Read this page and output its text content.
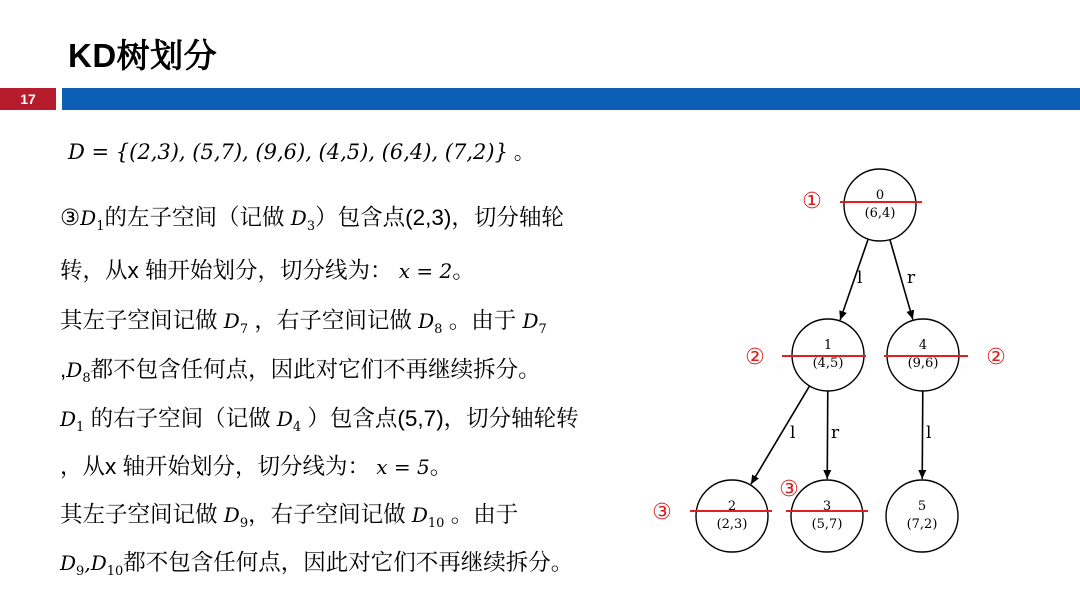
KD树划分
17
D = {(2,3), (5,7), (9,6), (4,5), (6,4), (7,2)} 。
$③D_1$的左子空间（记做 $D_3$）包含点(2,3)，切分轴轮
转，从x 轴开始划分，切分线为： x = 2。
其左子空间记做 $D_7$ ，右子空间记做 $D_8$ 。由于 $D_7$
$,D_8$都不包含任何点，因此对它们不再继续拆分。
$D_1$ 的右子空间（记做 $D_4$ ）包含点(5,7)，切分轴轮转
，从x 轴开始划分，切分线为： x = 5。
其左子空间记做 $D_9$，右子空间记做 $D_{10}$ 。由于
$D_9,D_{10}$都不包含任何点，因此对它们不再继续拆分。
l	r
l r	l
0
(6,4)
1
(4,5)
4
(9,6)
2
(2,3)
3
(5,7)
5
(7,2)
①
②	②
③
③
